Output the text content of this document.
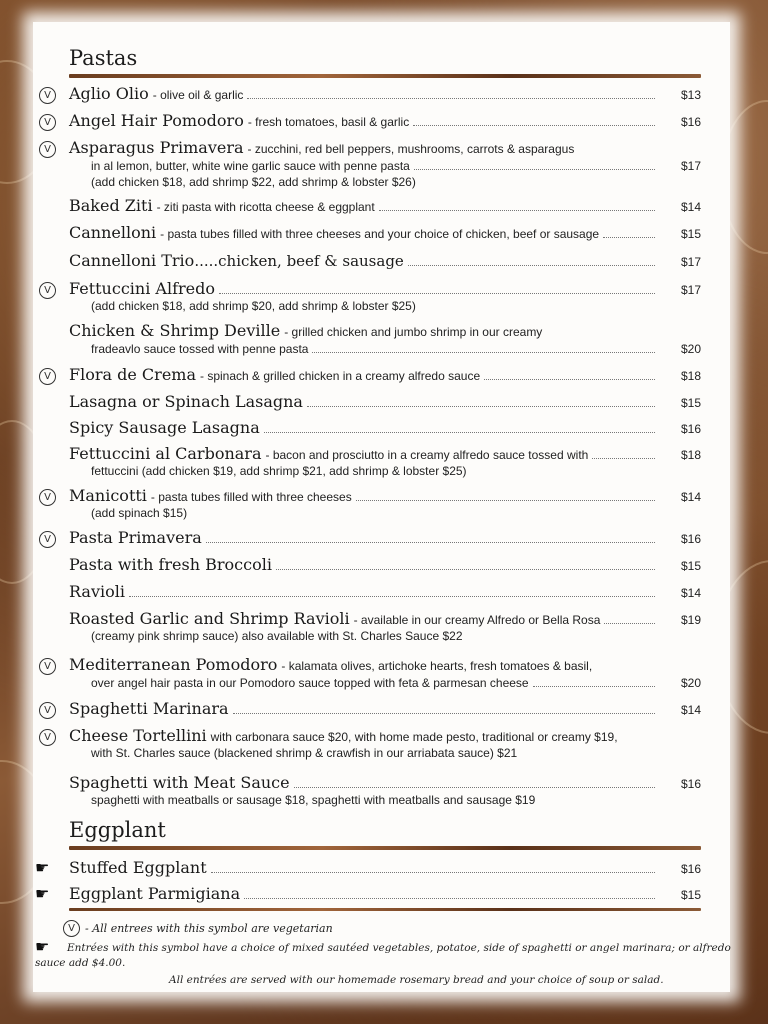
Pastas
V	Aglio Olio - olive oil & garlic	$13
V	Angel Hair Pomodoro - fresh tomatoes, basil & garlic	$16
V	Asparagus Primavera - zucchini, red bell peppers, mushrooms, carrots & asparagus
in al lemon, butter, white wine garlic sauce with penne pasta	$17
(add chicken $18, add shrimp $22, add shrimp & lobster $26)
Baked Ziti - ziti pasta with ricotta cheese & eggplant	$14
Cannelloni - pasta tubes filled with three cheeses and your choice of chicken, beef or sausage	$15
Cannelloni Trio .....chicken, beef & sausage	$17
V	Fettuccini Alfredo	$17
(add chicken $18, add shrimp $20, add shrimp & lobster $25)
Chicken & Shrimp Deville - grilled chicken and jumbo shrimp in our creamy
fradeavlo sauce tossed with penne pasta	$20
V	Flora de Crema - spinach & grilled chicken in a creamy alfredo sauce	$18
Lasagna or Spinach Lasagna	$15
Spicy Sausage Lasagna	$16
Fettuccini al Carbonara - bacon and prosciutto in a creamy alfredo sauce tossed with	$18
fettuccini (add chicken $19, add shrimp $21, add shrimp & lobster $25)
V	Manicotti - pasta tubes filled with three cheeses	$14
(add spinach $15)
V	Pasta Primavera	$16
Pasta with fresh Broccoli	$15
Ravioli	$14
Roasted Garlic and Shrimp Ravioli - available in our creamy Alfredo or Bella Rosa	$19
(creamy pink shrimp sauce) also available with St. Charles Sauce $22
V	Mediterranean Pomodoro - kalamata olives, artichoke hearts, fresh tomatoes & basil,
over angel hair pasta in our Pomodoro sauce topped with feta & parmesan cheese	$20
V	Spaghetti Marinara	$14
V	Cheese Tortellini with carbonara sauce $20, with home made pesto, traditional or creamy $19,
with St. Charles sauce (blackened shrimp & crawfish in our arriabata sauce) $21
Spaghetti with Meat Sauce	$16
spaghetti with meatballs or sausage $18, spaghetti with meatballs and sausage $19
Eggplant
☛	Stuffed Eggplant	$16
☛	Eggplant Parmigiana	$15
V - All entrees with this symbol are vegetarian
☛	Entrées with this symbol have a choice of mixed sautéed vegetables, potatoe, side of spaghetti or angel marinara; or alfredo
sauce add $4.00.
All entrées are served with our homemade rosemary bread and your choice of soup or salad.
